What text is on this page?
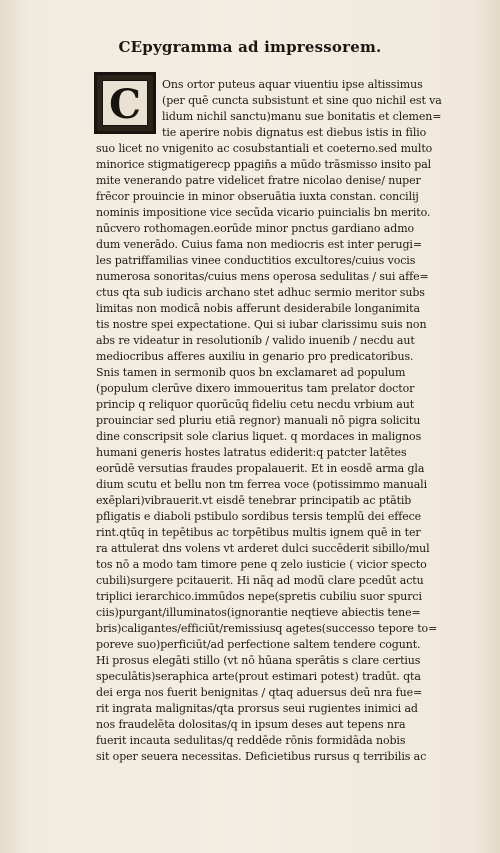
CEpygramma ad impressorem.
C	Ons ortor puteus aquar viuentiu ipse altissimus
(per quē cuncta subsistunt et sine quo nichil est va
lidum nichil sanctu)manu sue bonitatis et clemen=
tie aperire nobis dignatus est diebus istis in filio
suo licet no vnigenito ac cosubstantiali et coeterno.sed multo
minorice stigmatigerecp ppagin̄s a mūdo trāsmisso insito pal
mite venerando patre videlicet fratre nicolao denise/ nuper
frēcor prouincie in minor obseruātia iuxta constan. concilij
nominis impositione vice secūda vicario puincialis bn merito.
nūcvero rothomagen.eorūde minor pnctus gardiano admo
dum venerādo. Cuius fama non mediocris est inter perugi=
les patriffamilias vinee conductitios excultores/cuius vocis
numerosa sonoritas/cuius mens operosa sedulitas / sui affe=
ctus qta sub iudicis archano stet adhuc sermio meritor subs
limitas non modicā nobis afferunt desiderabile longanimita
tis nostre spei expectatione. Qui si iubar clarissimu suis non
abs re videatur in resolutionib / valido inuenib / necdu aut
mediocribus afferes auxiliu in genario pro predicatoribus.
Snis tamen in sermonib quos bn exclamaret ad populum
(populum clerūve dixero immoueritus tam prelator doctor
princip q reliquor quorūcūq fideliu cetu necdu vrbium aut
prouinciar sed pluriu etiā regnor) manuali nō pigra solicitu
dine conscripsit sole clarius liquet. q mordaces in malignos
humani generis hostes latratus ediderit:q patcter latētes
eorūdē versutias fraudes propalauerit. Et in eosdē arma gla
dium scutu et bellu non tm ferrea voce (potissimmo manuali
exēplari)vibrauerit.vt eisdē tenebrar principatib ac ptātib
pfligatis e diaboli pstibulo sordibus tersis templū dei effece
rint.qtūq in tepētibus ac torpētibus multis ignem quē in ter
ra attulerat dns volens vt arderet dulci succēderit sibillo/mul
tos nō a modo tam timore pene q zelo iusticie ( vicior specto
cubili)surgere pcitauerit. Hi nāq ad modū clare pcedūt actu
triplici ierarchico.immūdos nepe(spretis cubiliu suor spurci
ciis)purgant/illuminatos(ignorantie neqtieve abiectis tene=
bris)caligantes/efficiūt/remissiusq agetes(successo tepore to=
poreve suo)perficiūt/ad perfectione saltem tendere cogunt.
Hi prosus elegāti stillo (vt nō hūana sperātis s clare certius
speculātis)seraphica arte(prout estimari potest) tradūt. qta
dei erga nos fuerit benignitas / qtaq aduersus deū nra fue=
rit ingrata malignitas/qta prorsus seui rugientes inimici ad
nos fraudelēta dolositas/q in ipsum deses aut tepens nra
fuerit incauta sedulitas/q reddēde rōnis formidāda nobis
sit oper seuera necessitas. Deficietibus rursus q terribilis ac
